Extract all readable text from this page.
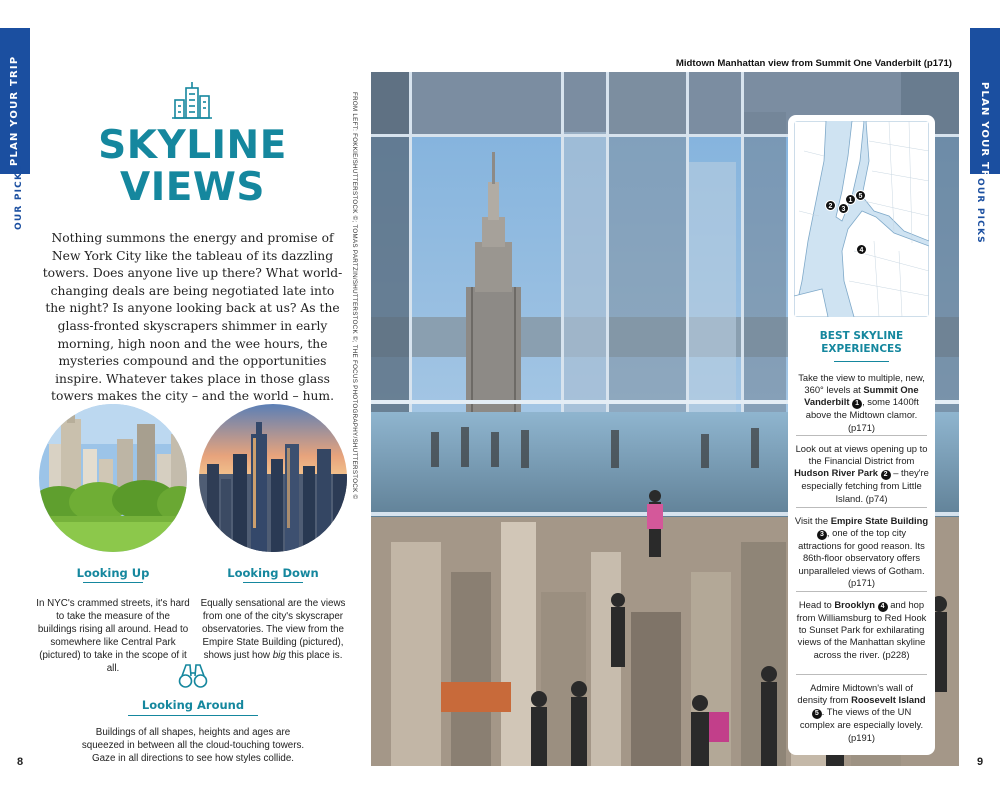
PLAN YOUR TRIP
OUR PICKS
PLAN YOUR TRIP
OUR PICKS
SKYLINE
VIEWS

Nothing summons the energy and promise of New York City like the tableau of its dazzling towers. Does anyone live up there? What world-changing deals are being negotiated late into the night? Is anyone looking back at us? As the glass-fronted skyscrapers shimmer in early morning, high noon and the wee hours, the mysteries compound and the opportunities inspire. Whatever takes place in those glass towers makes the city – and the world – hum.

Looking Up

In NYC's crammed streets, it's hard to take the measure of the buildings rising all around. Head to somewhere like Central Park (pictured) to take in the scope of it all.

Looking Down

Equally sensational are the views from one of the city's skyscraper observatories. The view from the Empire State Building (pictured), shows just how big this place is.

Looking Around

Buildings of all shapes, heights and ages are squeezed in between all the cloud-touching towers. Gaze in all directions to see how styles collide.

8
Midtown Manhattan view from Summit One Vanderbilt (p171)
FROM LEFT: FOKKIE/SHUTTERSTOCK ©; TOMAS PARTZIN/SHUTTERSTOCK ©; THE FOCUS PHOTOGRAPHY/SHUTTERSTOCK ©	1
2	3
4
5
BEST SKYLINE
EXPERIENCES

Take the view to multiple, new, 360° levels at Summit One Vanderbilt 1 , some 1400ft above the Midtown clamor. (p171)

Look out at views opening up to the Financial District from Hudson River Park 2 – they're especially fetching from Little Island. (p74)

Visit the Empire State Building 3 , one of the top city attractions for good reason. Its 86th-floor observatory offers unparalleled views of Gotham. (p171)

Head to Brooklyn 4 and hop from Williamsburg to Red Hook to Sunset Park for exhilarating views of the Manhattan skyline across the river. (p228)

Admire Midtown's wall of density from Roosevelt Island 5 . The views of the UN complex are especially lovely. (p191)

9
